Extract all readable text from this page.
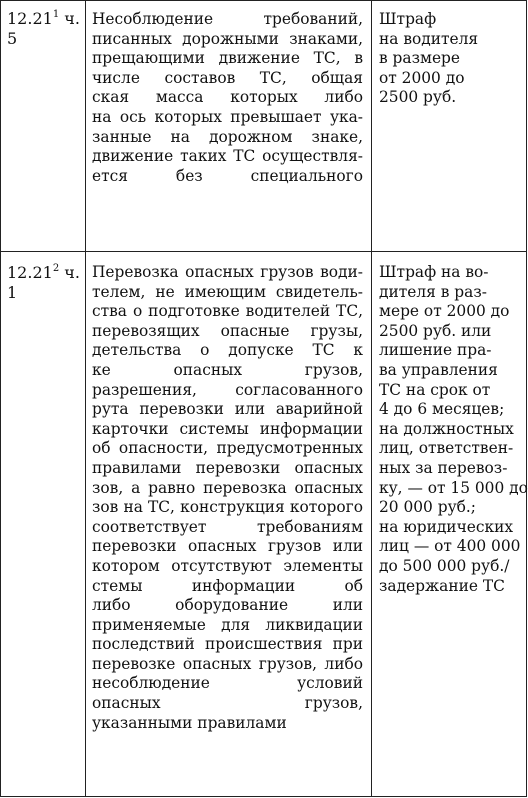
12.21$^1$ ч. 5
Несоблюдение требований,
писанных дорожными знаками,
прещающими движение ТС, в
числе составов ТС, общая
ская масса которых либо
на ось которых превышает ука-
занные на дорожном знаке,
движение таких ТС осуществля-
ется без специального
Штраф
на водителя
в размере
от 2000 до
2500 руб.
12.21$^2$ ч. 1
Перевозка опасных грузов води-
телем, не имеющим свидетель-
ства о подготовке водителей ТС,
перевозящих опасные грузы,
детельства о допуске ТС к
ке опасных грузов,
разрешения, согласованного
рута перевозки или аварийной
карточки системы информации
об опасности, предусмотренных
правилами перевозки опасных
зов, а равно перевозка опасных
зов на ТС, конструкция которого
соответствует требованиям
перевозки опасных грузов или
котором отсутствуют элементы
стемы информации об
либо оборудование или
применяемые для ликвидации
последствий происшествия при
перевозке опасных грузов, либо
несоблюдение условий
опасных грузов,
указанными правилами
Штраф на во-
дителя в раз-
мере от 2000 до
2500 руб. или
лишение пра-
ва управления
ТС на срок от
4 до 6 месяцев;
на должностных
лиц, ответствен-
ных за перевоз-
ку, — от 15 000 до
20 000 руб.;
на юридических
лиц — от 400 000
до 500 000 руб./
задержание ТС
